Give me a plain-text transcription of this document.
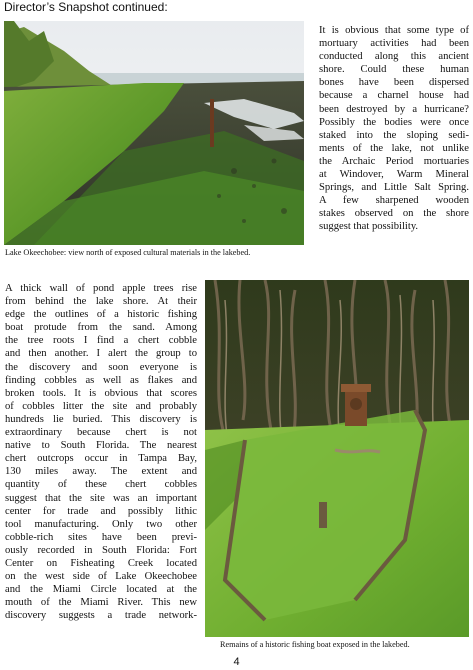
Director’s Snapshot continued:
Lake Okeechobee: view north of exposed cultural materials in the lakebed.
It is obvious that some type of
mortuary activities had been
conducted along this ancient
shore. Could these human
bones have been dispersed
because a charnel house had
been destroyed by a hurricane?
Possibly the bodies were once
staked into the sloping sedi-
ments of the lake, not unlike
the Archaic Period mortuaries
at Windover, Warm Mineral
Springs, and Little Salt Spring.
A few sharpened wooden
stakes observed on the shore
suggest that possibility.
A thick wall of pond apple trees rise
from behind the lake shore. At their
edge the outlines of a historic fishing
boat protude from the sand. Among
the tree roots I find a chert cobble
and then another. I alert the group to
the discovery and soon everyone is
finding cobbles as well as flakes and
broken tools. It is obvious that scores
of cobbles litter the site and probably
hundreds lie buried. This discovery is
extraordinary because chert is not
native to South Florida. The nearest
chert outcrops occur in Tampa Bay,
130 miles away. The extent and
quantity of these chert cobbles
suggest that the site was an important
center for trade and possibly lithic
tool manufacturing. Only two other
cobble-rich sites have been previ-
ously recorded in South Florida: Fort
Center on Fisheating Creek located
on the west side of Lake Okeechobee
and the Miami Circle located at the
mouth of the Miami River. This new
discovery suggests a trade network-
Remains of a historic fishing boat exposed in the lakebed.
4
